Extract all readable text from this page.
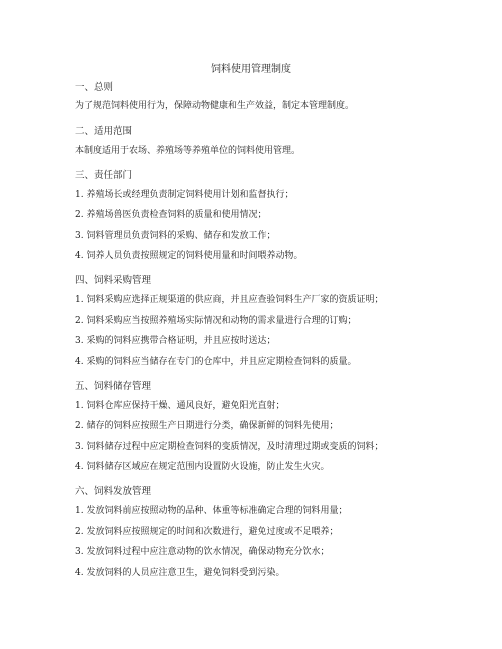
饲料使用管理制度
一、总则
为了规范饲料使用行为，保障动物健康和生产效益，制定本管理制度。
二、适用范围
本制度适用于农场、养殖场等养殖单位的饲料使用管理。
三、责任部门
1. 养殖场长或经理负责制定饲料使用计划和监督执行；
2. 养殖场兽医负责检查饲料的质量和使用情况；
3. 饲料管理员负责饲料的采购、储存和发放工作；
4. 饲养人员负责按照规定的饲料使用量和时间喂养动物。
四、饲料采购管理
1. 饲料采购应选择正规渠道的供应商，并且应查验饲料生产厂家的资质证明；
2. 饲料采购应当按照养殖场实际情况和动物的需求量进行合理的订购；
3. 采购的饲料应携带合格证明，并且应按时送达；
4. 采购的饲料应当储存在专门的仓库中，并且应定期检查饲料的质量。
五、饲料储存管理
1. 饲料仓库应保持干燥、通风良好，避免阳光直射；
2. 储存的饲料应按照生产日期进行分类，确保新鲜的饲料先使用；
3. 饲料储存过程中应定期检查饲料的变质情况，及时清理过期或变质的饲料；
4. 饲料储存区域应在规定范围内设置防火设施，防止发生火灾。
六、饲料发放管理
1. 发放饲料前应按照动物的品种、体重等标准确定合理的饲料用量；
2. 发放饲料应按照规定的时间和次数进行，避免过度或不足喂养；
3. 发放饲料过程中应注意动物的饮水情况，确保动物充分饮水；
4. 发放饲料的人员应注意卫生，避免饲料受到污染。
